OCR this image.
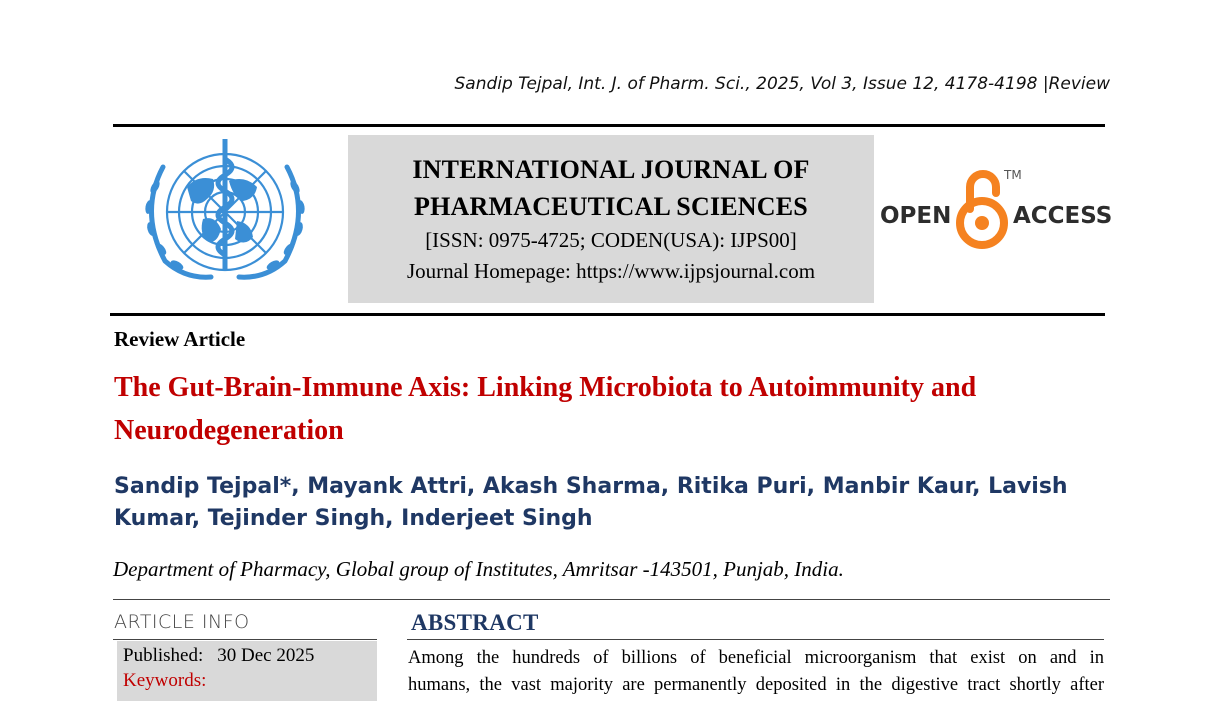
Sandip Tejpal, Int. J. of Pharm. Sci., 2025, Vol 3, Issue 12, 4178-4198 |Review
INTERNATIONAL JOURNAL OF
PHARMACEUTICAL SCIENCES
[ISSN: 0975-4725; CODEN(USA): IJPS00]
Journal Homepage: https://www.ijpsjournal.com
OPEN
TM
ACCESS
Review Article
The Gut-Brain-Immune Axis: Linking Microbiota to Autoimmunity and Neurodegeneration
Sandip Tejpal*, Mayank Attri, Akash Sharma, Ritika Puri, Manbir Kaur, Lavish Kumar, Tejinder Singh, Inderjeet Singh
Department of Pharmacy, Global group of Institutes, Amritsar -143501, Punjab, India.
ARTICLE INFO
Published: 30 Dec 2025
Keywords:
ABSTRACT
Among the hundreds of billions of beneficial microorganism that exist on and in
humans, the vast majority are permanently deposited in the digestive tract shortly after
